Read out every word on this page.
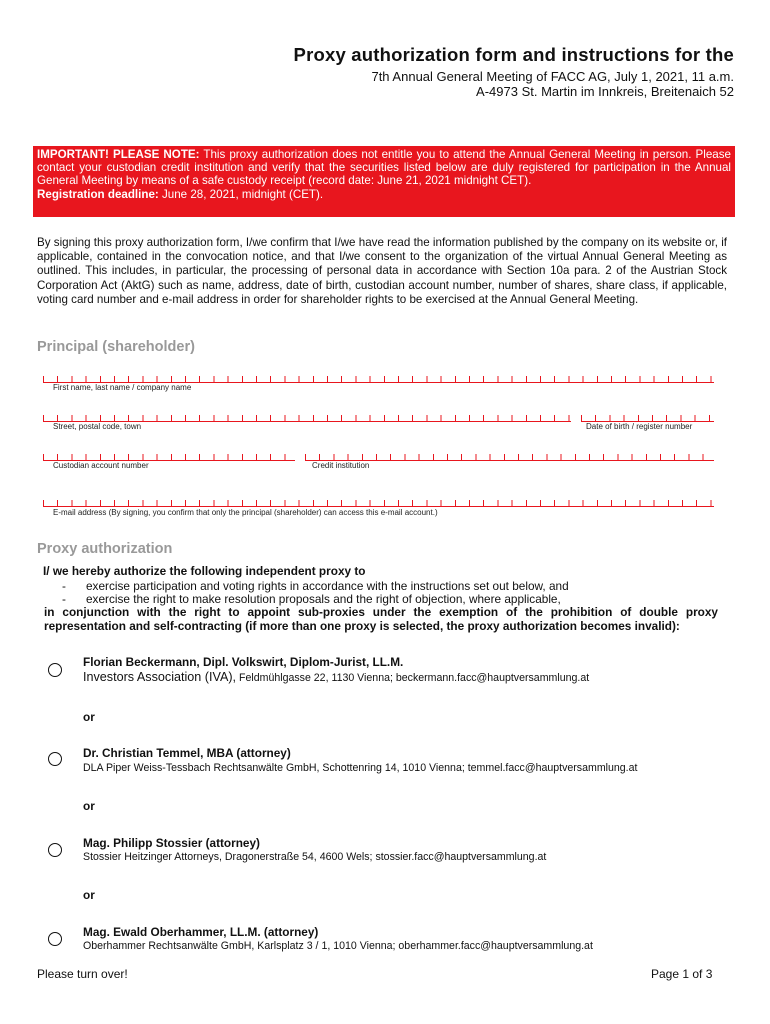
Proxy authorization form and instructions for the
7th Annual General Meeting of FACC AG, July 1, 2021, 11 a.m.
A-4973 St. Martin im Innkreis, Breitenaich 52
IMPORTANT! PLEASE NOTE: This proxy authorization does not entitle you to attend the Annual General Meeting in person. Please contact your custodian credit institution and verify that the securities listed below are duly registered for participation in the Annual General Meeting by means of a safe custody receipt (record date: June 21, 2021 midnight CET).
Registration deadline: June 28, 2021, midnight (CET).
By signing this proxy authorization form, I/we confirm that I/we have read the information published by the company on its website or, if applicable, contained in the convocation notice, and that I/we consent to the organization of the virtual Annual General Meeting as outlined. This includes, in particular, the processing of personal data in accordance with Section 10a para. 2 of the Austrian Stock Corporation Act (AktG) such as name, address, date of birth, custodian account number, number of shares, share class, if applicable, voting card number and e-mail address in order for shareholder rights to be exercised at the Annual General Meeting.
Principal (shareholder)
First name, last name / company name
Street, postal code, town	Date of birth / register number
Custodian account number	Credit institution
E-mail address (By signing, you confirm that only the principal (shareholder) can access this e-mail account.)
Proxy authorization
I/ we hereby authorize the following independent proxy to
- exercise participation and voting rights in accordance with the instructions set out below, and
- exercise the right to make resolution proposals and the right of objection, where applicable,
in conjunction with the right to appoint sub-proxies under the exemption of the prohibition of double proxy representation and self-contracting (if more than one proxy is selected, the proxy authorization becomes invalid):
Florian Beckermann, Dipl. Volkswirt, Diplom-Jurist, LL.M.
Investors Association (IVA), Feldmühlgasse 22, 1130 Vienna; beckermann.facc@hauptversammlung.at
or
Dr. Christian Temmel, MBA (attorney)
DLA Piper Weiss-Tessbach Rechtsanwälte GmbH, Schottenring 14, 1010 Vienna; temmel.facc@hauptversammlung.at
or
Mag. Philipp Stossier (attorney)
Stossier Heitzinger Attorneys, Dragonerstraße 54, 4600 Wels; stossier.facc@hauptversammlung.at
or
Mag. Ewald Oberhammer, LL.M. (attorney)
Oberhammer Rechtsanwälte GmbH, Karlsplatz 3 / 1, 1010 Vienna; oberhammer.facc@hauptversammlung.at
Please turn over!	Page 1 of 3
